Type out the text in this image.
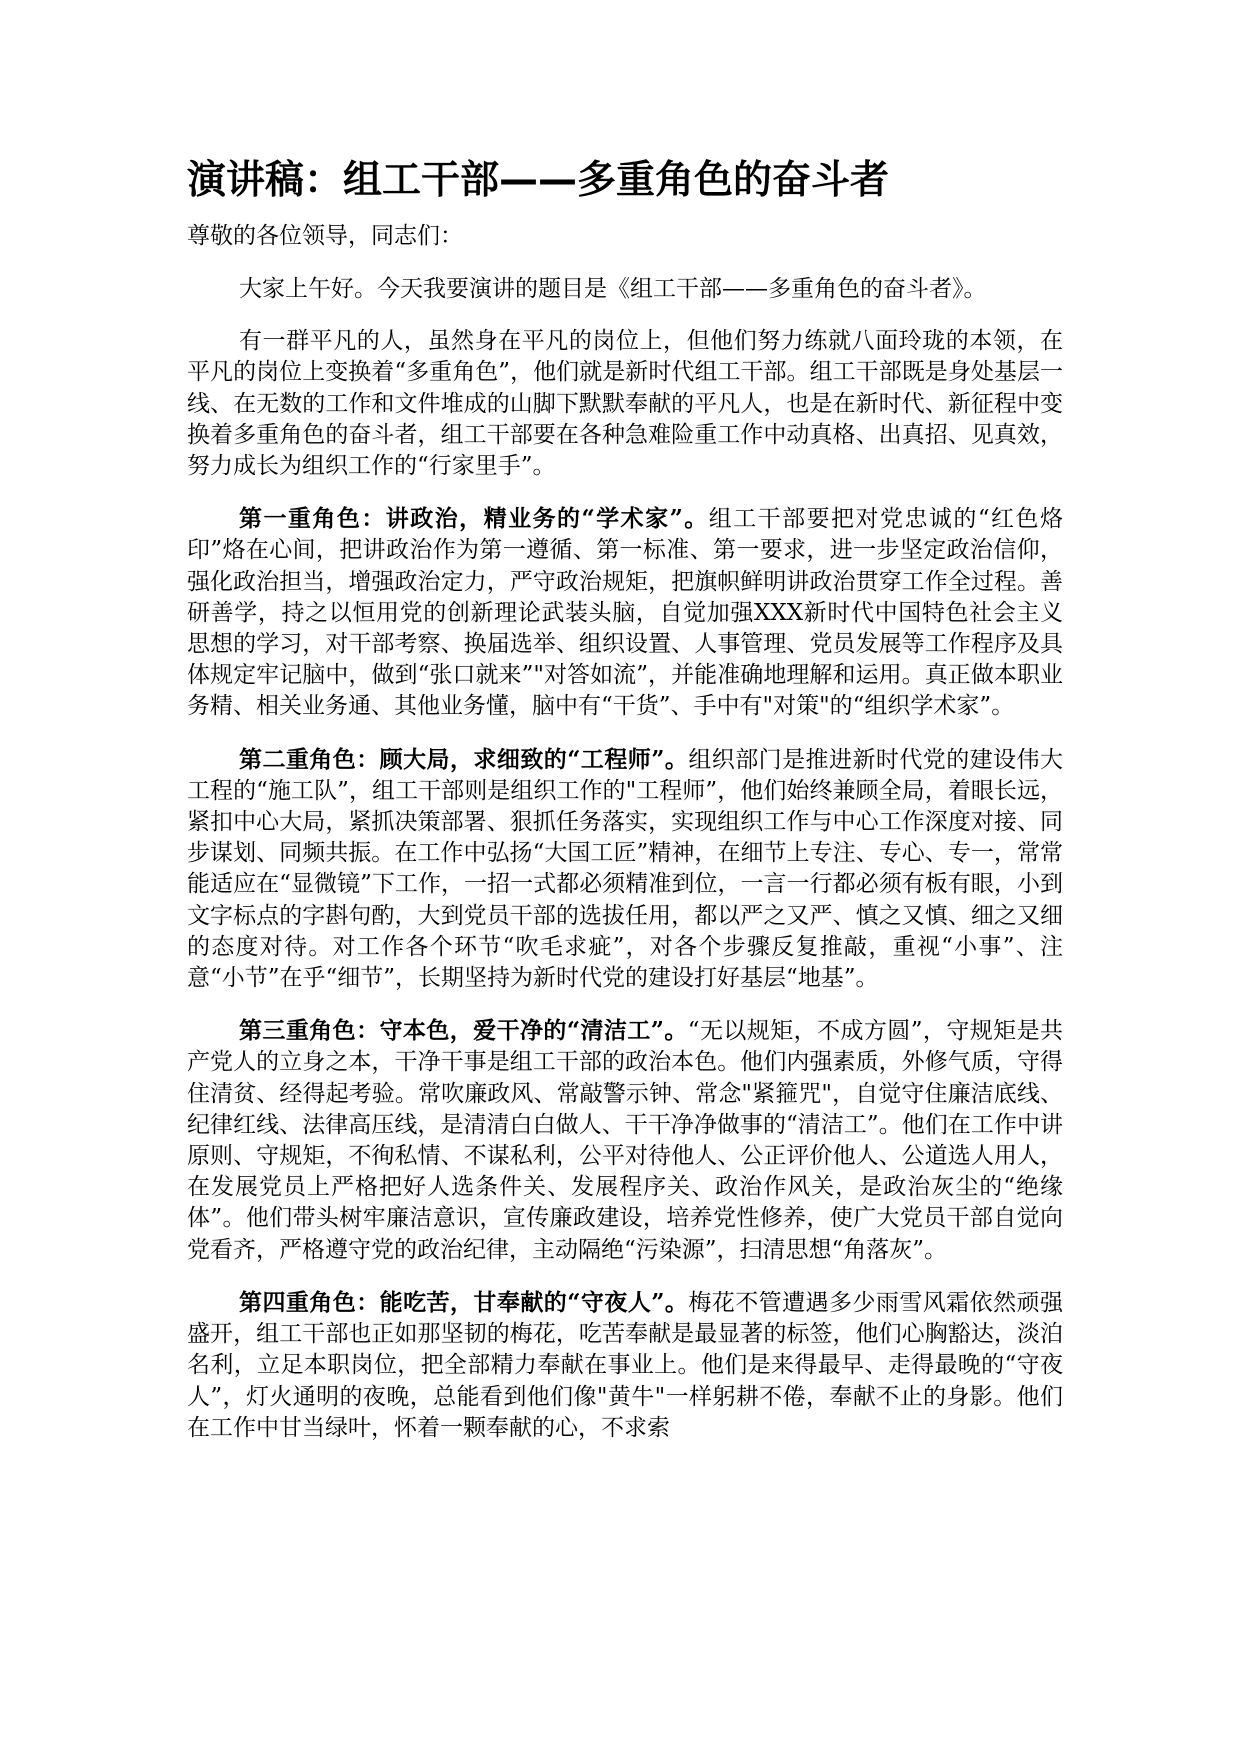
演讲稿：组工干部——多重角色的奋斗者

尊敬的各位领导，同志们：

大家上午好。今天我要演讲的题目是《组工干部——多重角色的奋斗者》。

有一群平凡的人，虽然身在平凡的岗位上，但他们努力练就八面玲珑的本领，在平凡的岗位上变换着“多重角色”，他们就是新时代组工干部。组工干部既是身处基层一线、在无数的工作和文件堆成的山脚下默默奉献的平凡人，也是在新时代、新征程中变换着多重角色的奋斗者，组工干部要在各种急难险重工作中动真格、出真招、见真效，努力成长为组织工作的“行家里手”。

第一重角色：讲政治，精业务的“学术家”。组工干部要把对党忠诚的“红色烙印”烙在心间，把讲政治作为第一遵循、第一标准、第一要求，进一步坚定政治信仰，强化政治担当，增强政治定力，严守政治规矩，把旗帜鲜明讲政治贯穿工作全过程。善研善学，持之以恒用党的创新理论武装头脑，自觉加强XXX新时代中国特色社会主义思想的学习，对干部考察、换届选举、组织设置、人事管理、党员发展等工作程序及具体规定牢记脑中，做到“张口就来”"对答如流”，并能准确地理解和运用。真正做本职业务精、相关业务通、其他业务懂，脑中有“干货”、手中有"对策"的“组织学术家”。

第二重角色：顾大局，求细致的“工程师”。组织部门是推进新时代党的建设伟大工程的“施工队”，组工干部则是组织工作的"工程师”，他们始终兼顾全局，着眼长远，紧扣中心大局，紧抓决策部署、狠抓任务落实，实现组织工作与中心工作深度对接、同步谋划、同频共振。在工作中弘扬“大国工匠”精神，在细节上专注、专心、专一，常常能适应在“显微镜”下工作，一招一式都必须精准到位，一言一行都必须有板有眼，小到文字标点的字斟句酌，大到党员干部的选拔任用，都以严之又严、慎之又慎、细之又细的态度对待。对工作各个环节“吹毛求疵”，对各个步骤反复推敲，重视“小事”、注意“小节”在乎“细节”，长期坚持为新时代党的建设打好基层“地基”。

第三重角色：守本色，爱干净的“清洁工”。“无以规矩，不成方圆”，守规矩是共产党人的立身之本，干净干事是组工干部的政治本色。他们内强素质，外修气质，守得住清贫、经得起考验。常吹廉政风、常敲警示钟、常念"紧箍咒"，自觉守住廉洁底线、纪律红线、法律高压线，是清清白白做人、干干净净做事的“清洁工”。他们在工作中讲原则、守规矩，不徇私情、不谋私利，公平对待他人、公正评价他人、公道选人用人，在发展党员上严格把好人选条件关、发展程序关、政治作风关，是政治灰尘的“绝缘体”。他们带头树牢廉洁意识，宣传廉政建设，培养党性修养，使广大党员干部自觉向党看齐，严格遵守党的政治纪律，主动隔绝“污染源”，扫清思想“角落灰”。

第四重角色：能吃苦，甘奉献的“守夜人”。梅花不管遭遇多少雨雪风霜依然顽强盛开，组工干部也正如那坚韧的梅花，吃苦奉献是最显著的标签，他们心胸豁达，淡泊名利，立足本职岗位，把全部精力奉献在事业上。他们是来得最早、走得最晚的“守夜人”，灯火通明的夜晚，总能看到他们像"黄牛"一样躬耕不倦，奉献不止的身影。他们在工作中甘当绿叶，怀着一颗奉献的心，不求索
